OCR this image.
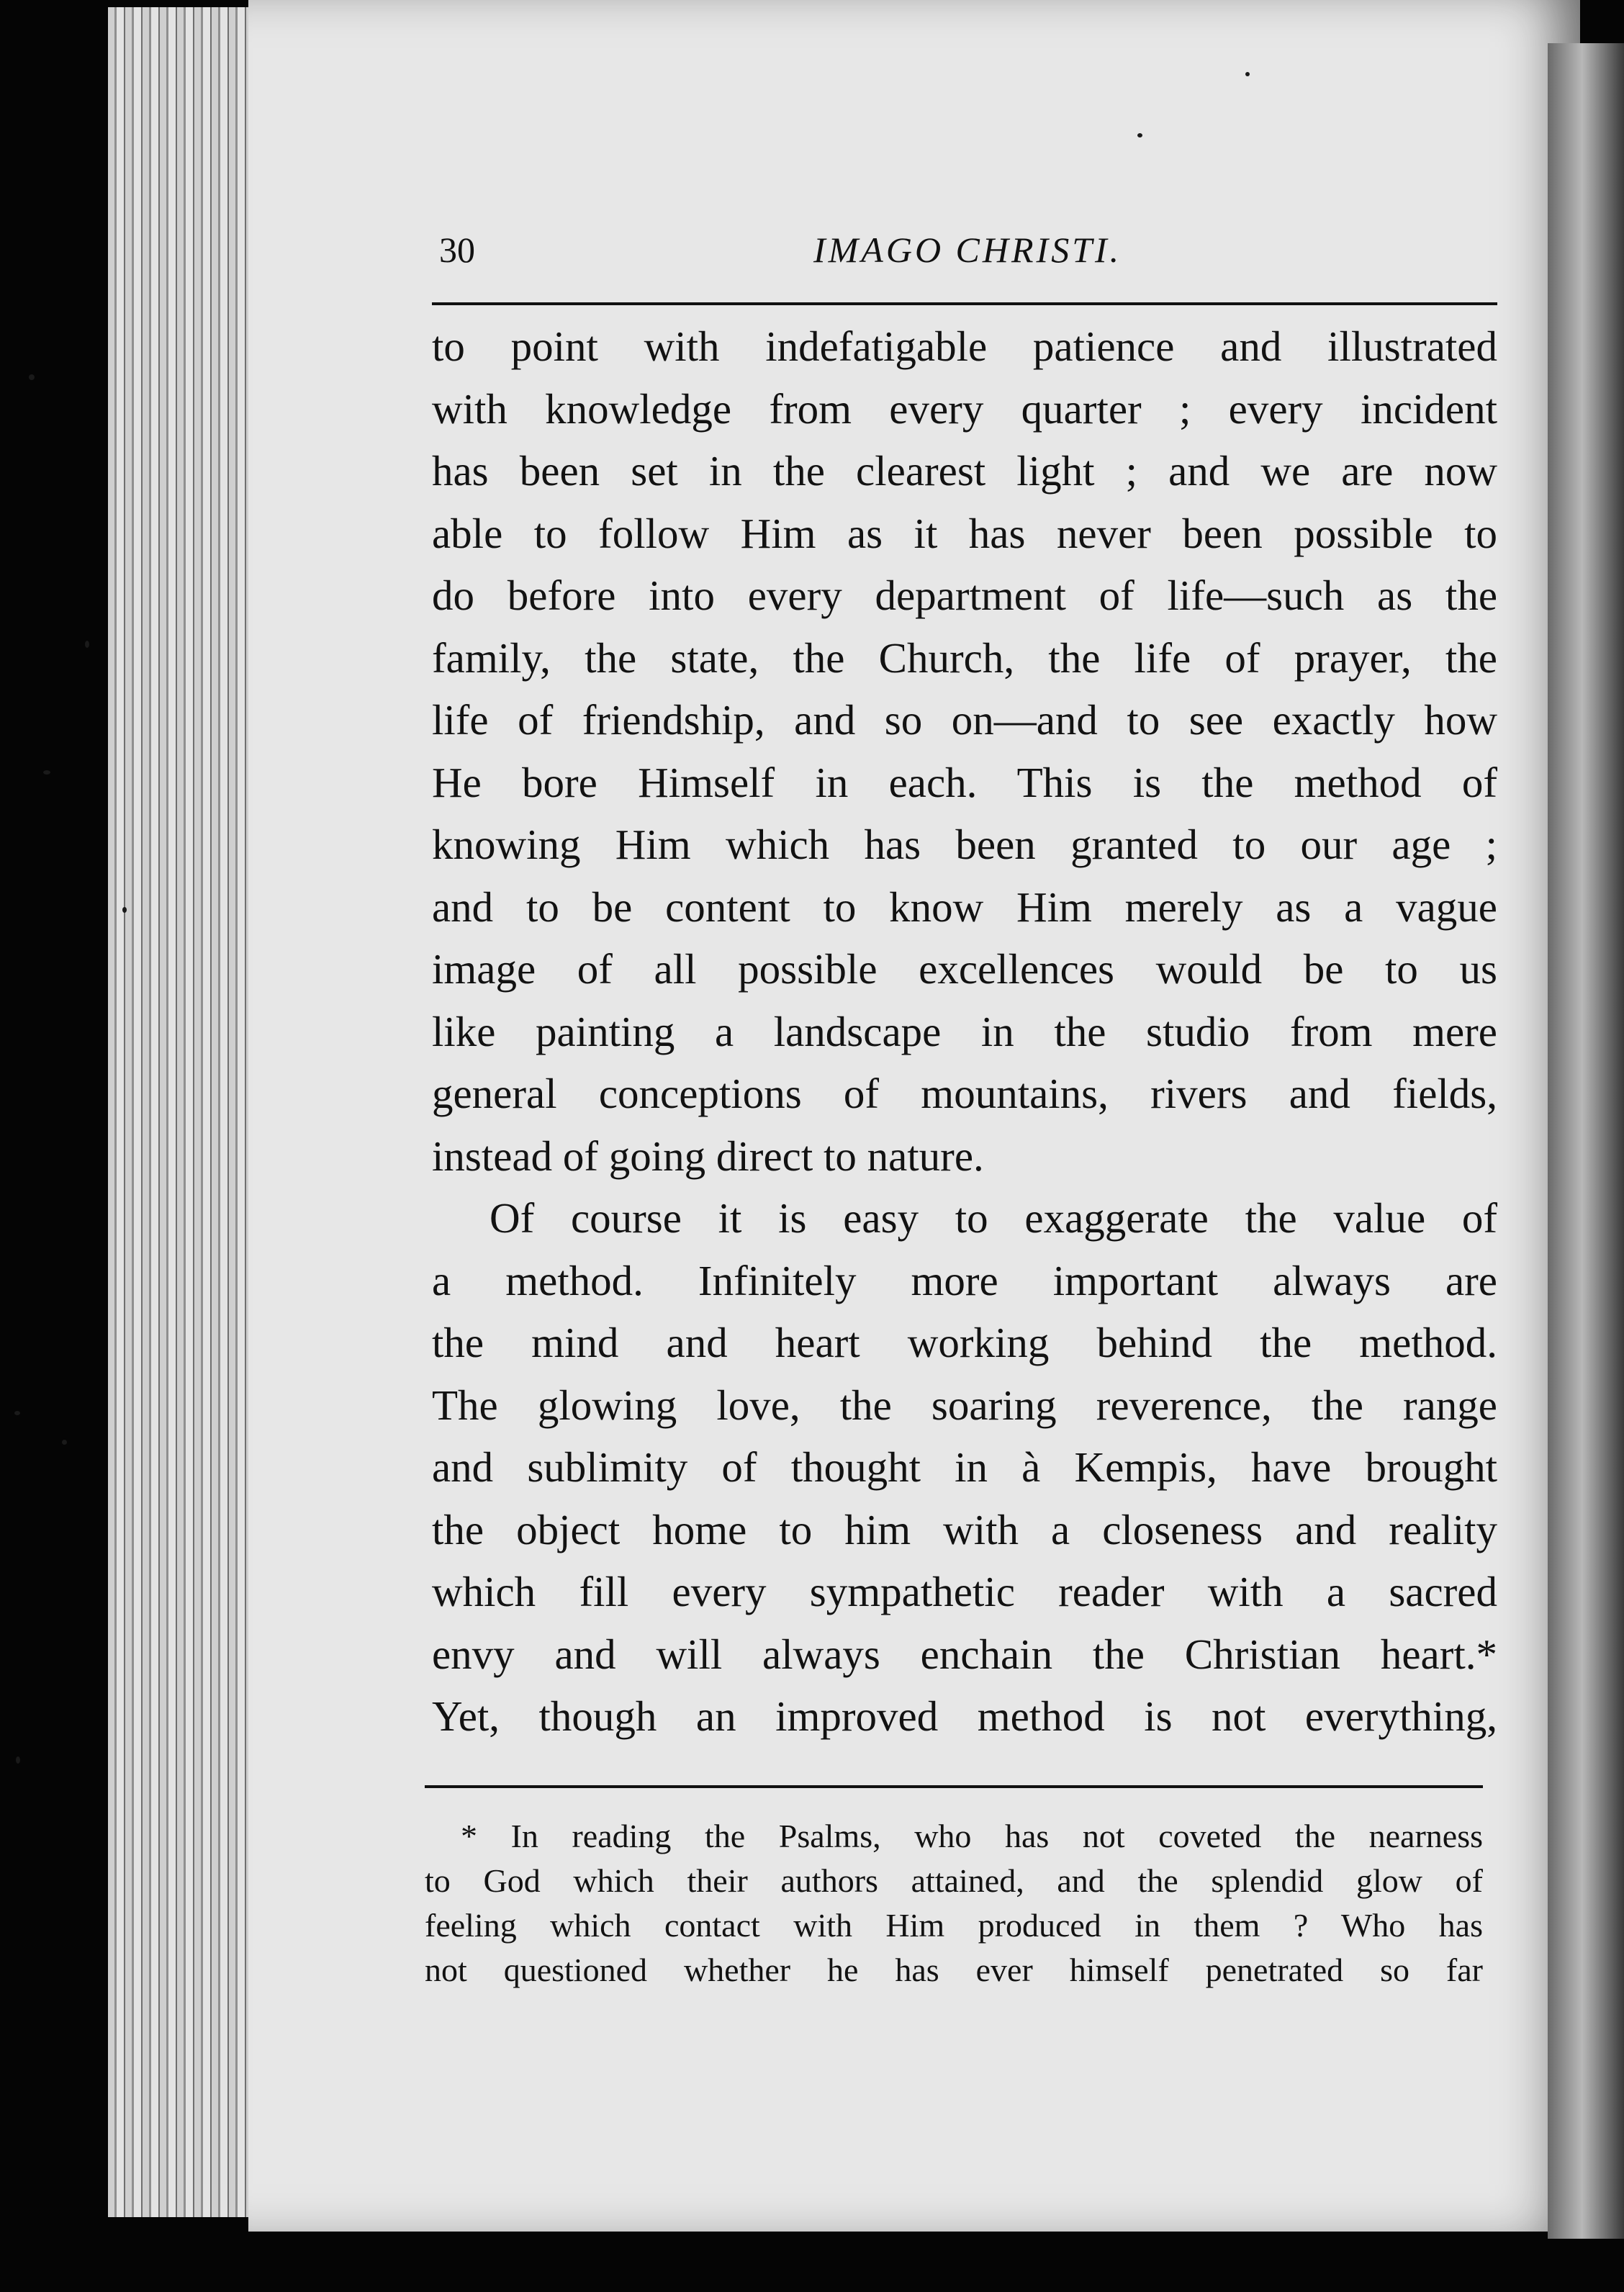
30	IMAGO CHRISTI.
to point with indefatigable patience and illustrated
with knowledge from every quarter ; every incident
has been set in the clearest light ; and we are now
able to follow Him as it has never been possible to
do before into every department of life—such as the
family, the state, the Church, the life of prayer, the
life of friendship, and so on—and to see exactly how
He bore Himself in each. This is the method of
knowing Him which has been granted to our age ;
and to be content to know Him merely as a vague
image of all possible excellences would be to us
like painting a landscape in the studio from mere
general conceptions of mountains, rivers and fields,
instead of going direct to nature.
Of course it is easy to exaggerate the value of
a method. Infinitely more important always are
the mind and heart working behind the method.
The glowing love, the soaring reverence, the range
and sublimity of thought in à Kempis, have brought
the object home to him with a closeness and reality
which fill every sympathetic reader with a sacred
envy and will always enchain the Christian heart.*
Yet, though an improved method is not everything,
* In reading the Psalms, who has not coveted the nearness
to God which their authors attained, and the splendid glow of
feeling which contact with Him produced in them ? Who has
not questioned whether he has ever himself penetrated so far
